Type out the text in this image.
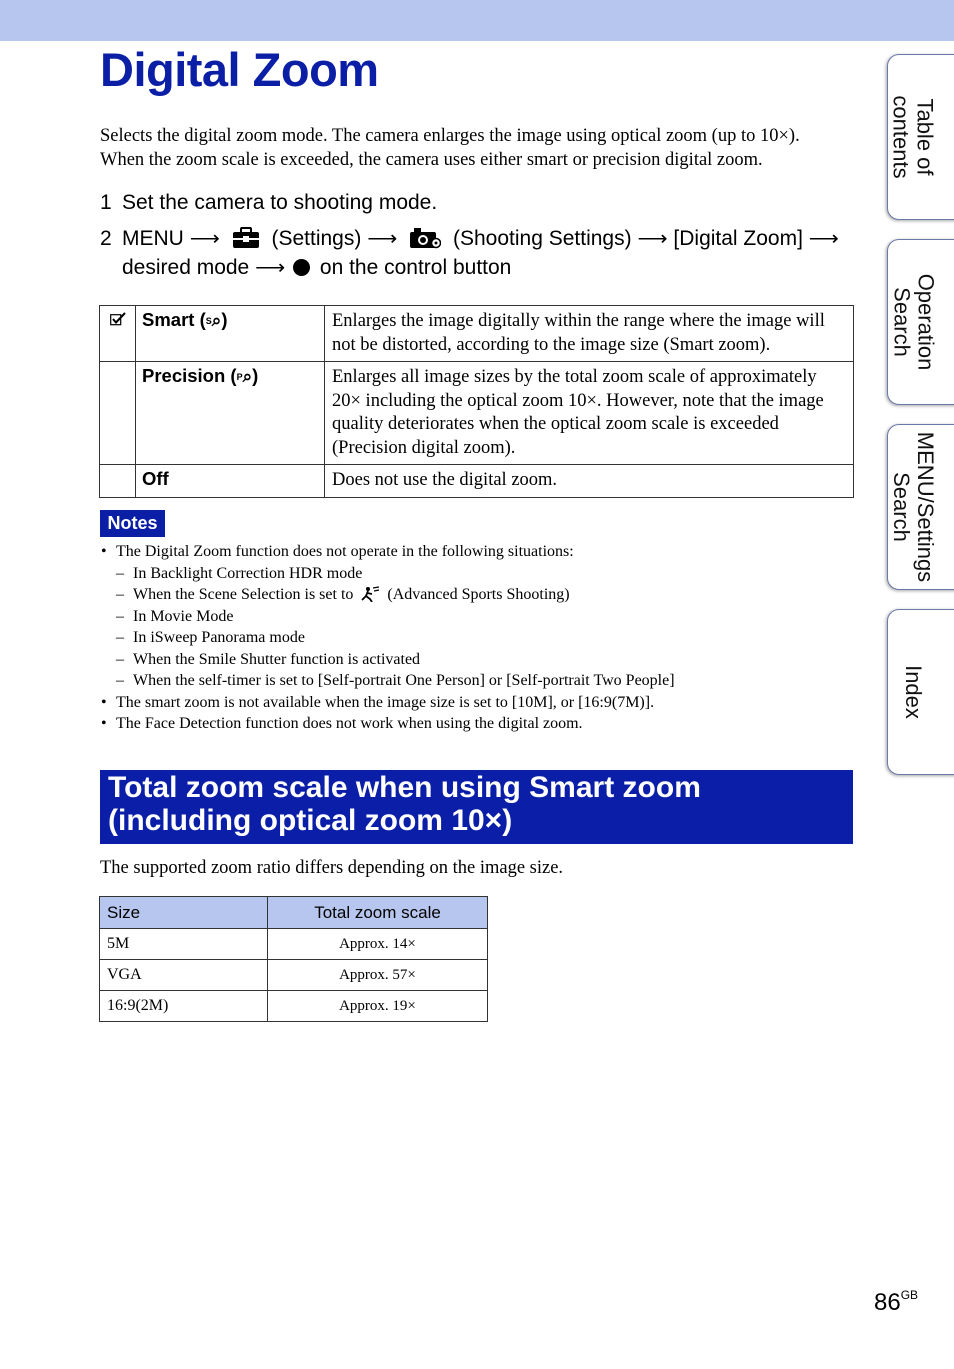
Digital Zoom
Selects the digital zoom mode. The camera enlarges the image using optical zoom (up to 10×).
When the zoom scale is exceeded, the camera uses either smart or precision digital zoom.
1 Set the camera to shooting mode.
2 MENU ⟶ (Settings) ⟶	(Shooting Settings) ⟶ [Digital Zoom] ⟶
desired mode ⟶ on the control button
	Smart (S⌕)	Enlarges the image digitally within the range where the image will not be distorted, according to the image size (Smart zoom).
	Precision (P⌕)	Enlarges all image sizes by the total zoom scale of approximately 20× including the optical zoom 10×. However, note that the image quality deteriorates when the optical zoom scale is exceeded (Precision digital zoom).
	Off	Does not use the digital zoom.
Notes
• The Digital Zoom function does not operate in the following situations:
– In Backlight Correction HDR mode
– When the Scene Selection is set to (Advanced Sports Shooting)
– In Movie Mode
– In iSweep Panorama mode
– When the Smile Shutter function is activated
– When the self-timer is set to [Self-portrait One Person] or [Self-portrait Two People]
• The smart zoom is not available when the image size is set to [10M], or [16:9(7M)].
• The Face Detection function does not work when using the digital zoom.
Total zoom scale when using Smart zoom
(including optical zoom 10×)
The supported zoom ratio differs depending on the image size.
Size	Total zoom scale
5M	Approx. 14×
VGA	Approx. 57×
16:9(2M)	Approx. 19×
Table of
contents
Operation
Search
MENU/Settings
Search
Index
$86^{GB}$
